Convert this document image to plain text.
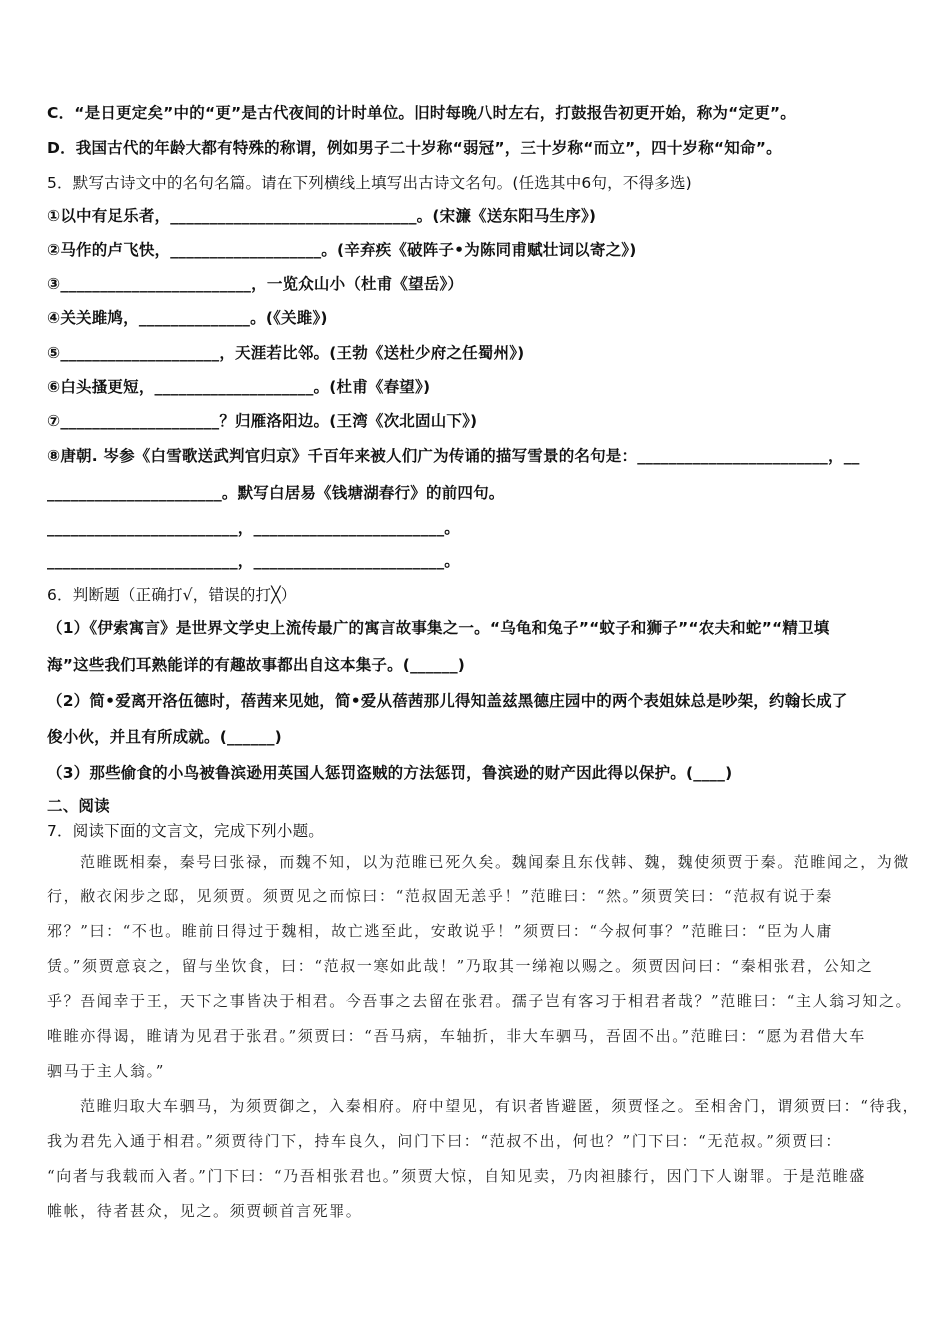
C．“是日更定矣”中的“更”是古代夜间的计时单位。旧时每晚八时左右，打鼓报告初更开始，称为“定更”。
D．我国古代的年龄大都有特殊的称谓，例如男子二十岁称“弱冠”，三十岁称“而立”，四十岁称“知命”。
5．默写古诗文中的名句名篇。请在下列横线上填写出古诗文名句。(任选其中6句，不得多选)
①以中有足乐者，_______________________________。(宋濂《送东阳马生序》)
②马作的卢飞快，___________________。(辛弃疾《破阵子•为陈同甫赋壮词以寄之》)
③________________________，一览众山小（杜甫《望岳》）
④关关雎鸠，______________。(《关雎》)
⑤____________________，天涯若比邻。(王勃《送杜少府之任蜀州》)
⑥白头搔更短，____________________。(杜甫《春望》)
⑦____________________？归雁洛阳边。(王湾《次北固山下》)
⑧唐朝. 岑参《白雪歌送武判官归京》千百年来被人们广为传诵的描写雪景的名句是：________________________，__
______________________。默写白居易《钱塘湖春行》的前四句。
________________________，________________________。
________________________，________________________。
6．判断题（正确打√，错误的打╳）
（1）《伊索寓言》是世界文学史上流传最广的寓言故事集之一。“乌龟和兔子”“蚊子和狮子”“农夫和蛇”“精卫填
海”这些我们耳熟能详的有趣故事都出自这本集子。(______)
（2）简•爱离开洛伍德时，蓓茜来见她，简•爱从蓓茜那儿得知盖兹黑德庄园中的两个表姐妹总是吵架，约翰长成了
俊小伙，并且有所成就。(______)
（3）那些偷食的小鸟被鲁滨逊用英国人惩罚盗贼的方法惩罚，鲁滨逊的财产因此得以保护。(____)
二、阅读
7．阅读下面的文言文，完成下列小题。
范睢既相秦，秦号曰张禄，而魏不知，以为范睢已死久矣。魏闻秦且东伐韩、魏，魏使须贾于秦。范睢闻之，为微
行，敝衣闲步之邸，见须贾。须贾见之而惊曰：“范叔固无恙乎！”范睢曰：“然。”须贾笑曰：“范叔有说于秦
邪？”曰：“不也。睢前日得过于魏相，故亡逃至此，安敢说乎！”须贾曰：“今叔何事？”范睢曰：“臣为人庸
赁。”须贾意哀之，留与坐饮食，曰：“范叔一寒如此哉！”乃取其一绨袍以赐之。须贾因问曰：“秦相张君，公知之
乎？吾闻幸于王，天下之事皆决于相君。今吾事之去留在张君。孺子岂有客习于相君者哉？”范睢曰：“主人翁习知之。
唯睢亦得谒，睢请为见君于张君。”须贾曰：“吾马病，车轴折，非大车驷马，吾固不出。”范睢曰：“愿为君借大车
驷马于主人翁。”
范睢归取大车驷马，为须贾御之，入秦相府。府中望见，有识者皆避匿，须贾怪之。至相舍门，谓须贾曰：“待我，
我为君先入通于相君。”须贾待门下，持车良久，问门下曰：“范叔不出，何也？”门下曰：“无范叔。”须贾曰：
“向者与我载而入者。”门下曰：“乃吾相张君也。”须贾大惊，自知见卖，乃肉袒膝行，因门下人谢罪。于是范睢盛
帷帐，待者甚众，见之。须贾顿首言死罪。
